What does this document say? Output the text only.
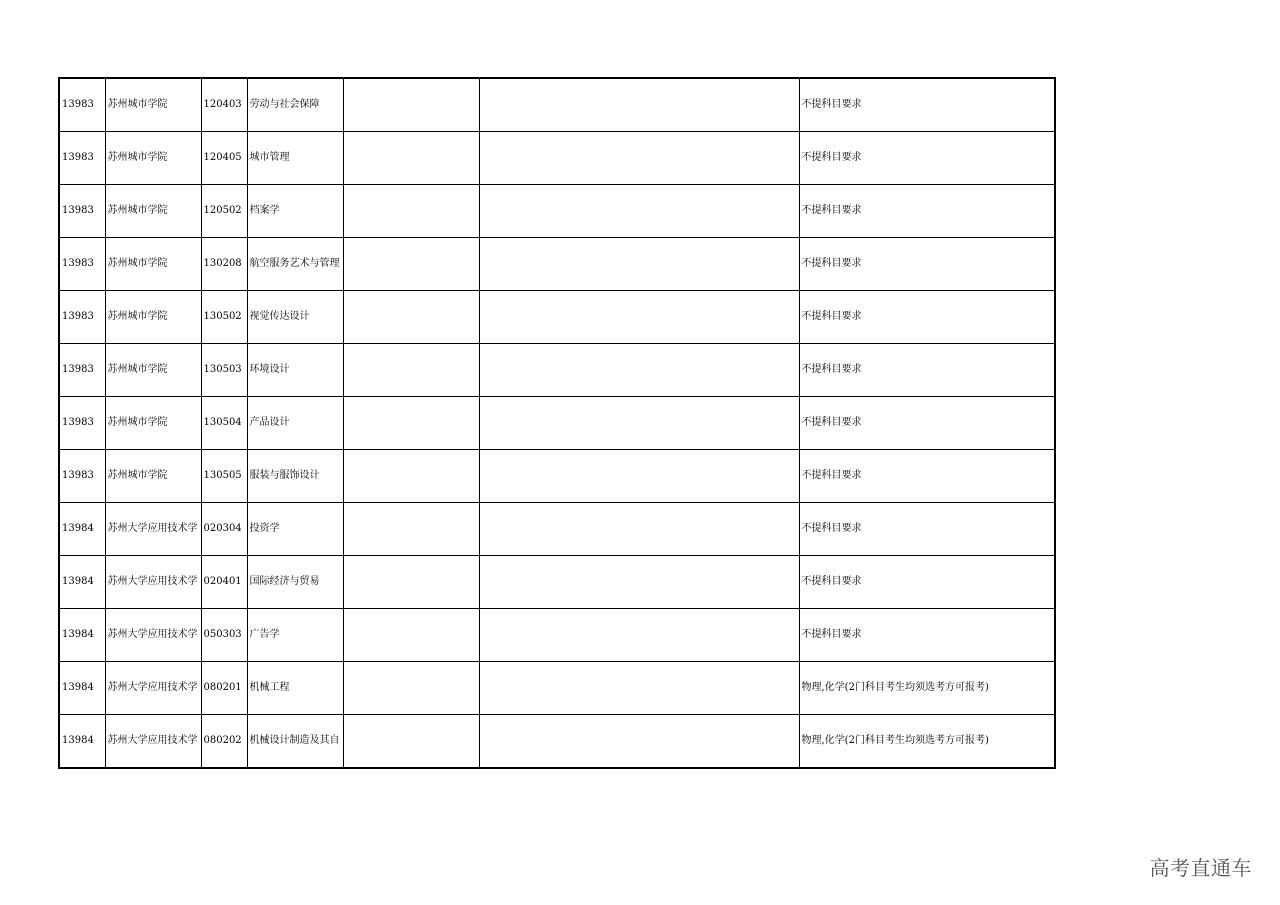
13983	苏州城市学院	120403	劳动与社会保障			不提科目要求
13983	苏州城市学院	120405	城市管理			不提科目要求
13983	苏州城市学院	120502	档案学			不提科目要求
13983	苏州城市学院	130208	航空服务艺术与管理			不提科目要求
13983	苏州城市学院	130502	视觉传达设计			不提科目要求
13983	苏州城市学院	130503	环境设计			不提科目要求
13983	苏州城市学院	130504	产品设计			不提科目要求
13983	苏州城市学院	130505	服装与服饰设计			不提科目要求
13984	苏州大学应用技术学	020304	投资学			不提科目要求
13984	苏州大学应用技术学	020401	国际经济与贸易			不提科目要求
13984	苏州大学应用技术学	050303	广告学			不提科目要求
13984	苏州大学应用技术学	080201	机械工程			物理,化学(2门科目考生均须选考方可报考)
13984	苏州大学应用技术学	080202	机械设计制造及其自			物理,化学(2门科目考生均须选考方可报考)
高考直通车
